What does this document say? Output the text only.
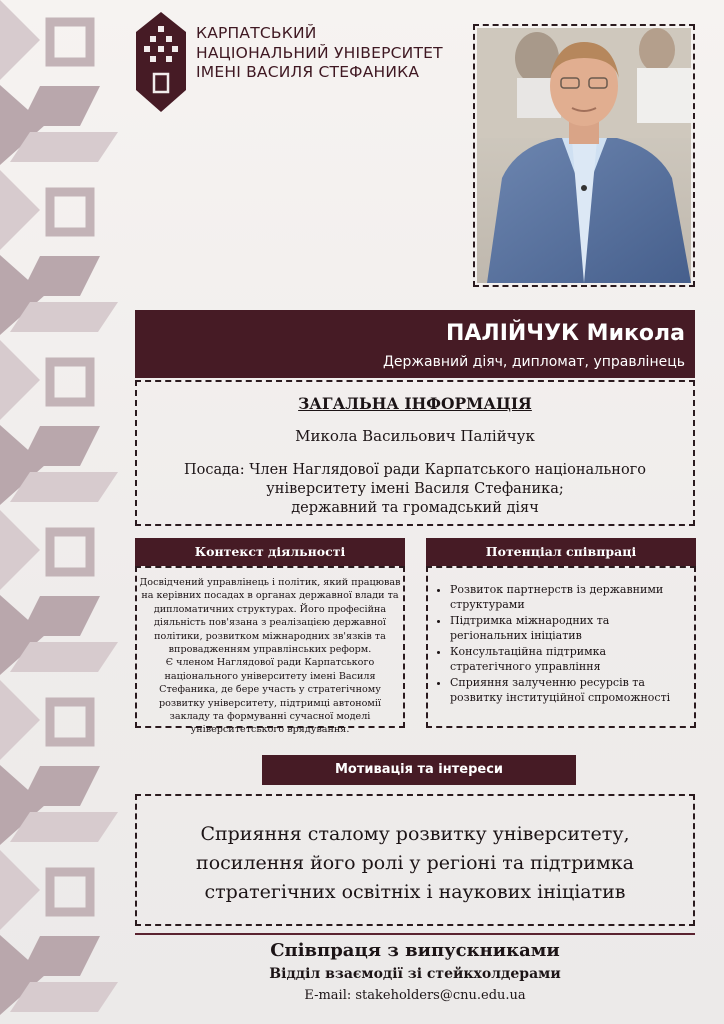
КАРПАТСЬКИЙ
НАЦІОНАЛЬНИЙ УНІВЕРСИТЕТ
ІМЕНІ ВАСИЛЯ СТЕФАНИКА
ПАЛІЙЧУК Микола
Державний діяч, дипломат, управлінець
ЗАГАЛЬНА ІНФОРМАЦІЯ
Микола Васильович Палійчук
Посада: Член Наглядової ради Карпатського національного
університету імені Василя Стефаника;
державний та громадський діяч
Контекст діяльності

Досвідчений управлінець і політик, який працював на керівних посадах в органах державної влади та дипломатичних структурах. Його професійна діяльність пов'язана з реалізацією державної політики, розвитком міжнародних зв'язків та впровадженням управлінських реформ.

Є членом Наглядової ради Карпатського національного університету імені Василя Стефаника, де бере участь у стратегічному розвитку університету, підтримці автономії закладу та формуванні сучасної моделі університетського врядування.

Потенціал співпраці
• Розвиток партнерств із державними структурами
• Підтримка міжнародних та регіональних ініціатив
• Консультаційна підтримка стратегічного управління
• Сприяння залученню ресурсів та розвитку інституційної спроможності
Мотивація та інтереси
Сприяння сталому розвитку університету,
посилення його ролі у регіоні та підтримка
стратегічних освітніх і наукових ініціатив
Співпраця з випускниками
Відділ взаємодії зі стейкхолдерами
E-mail: stakeholders@cnu.edu.ua
